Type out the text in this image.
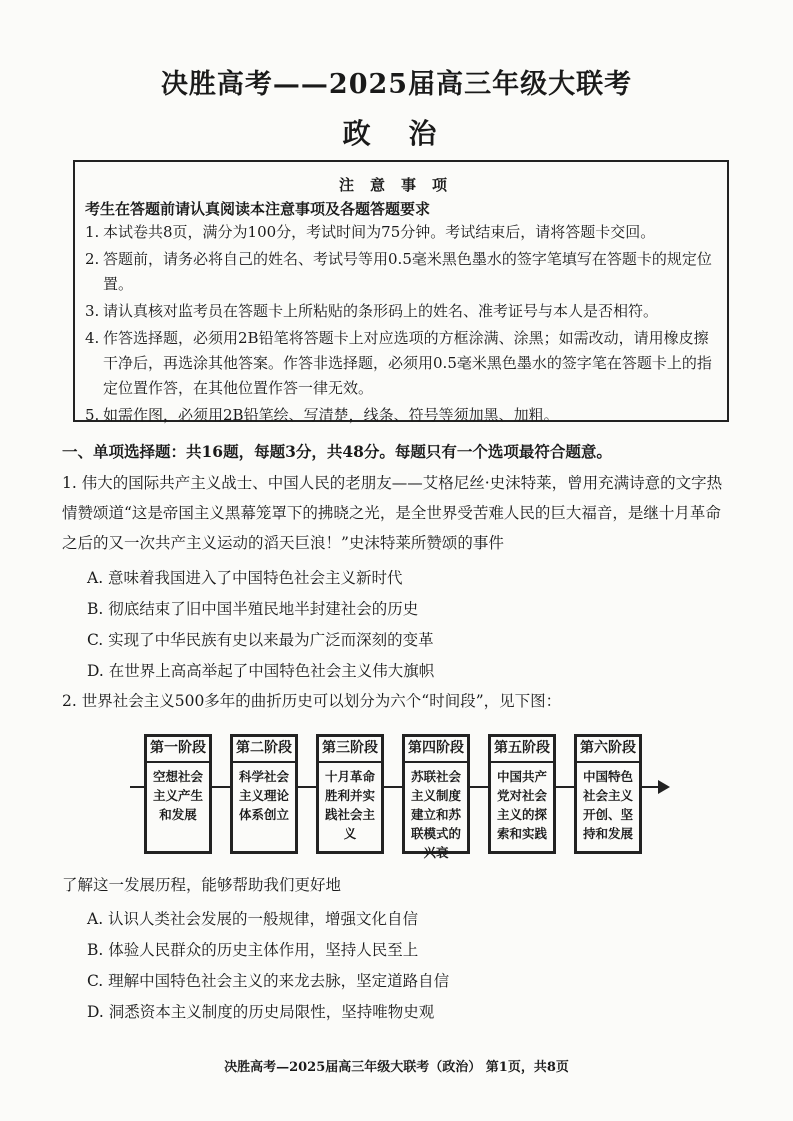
决胜高考——2025届高三年级大联考
政 治
注意事项
考生在答题前请认真阅读本注意事项及各题答题要求
1. 本试卷共8页，满分为100分，考试时间为75分钟。考试结束后，请将答题卡交回。
2. 答题前，请务必将自己的姓名、考试号等用0.5毫米黑色墨水的签字笔填写在答题卡的规定位置。
3. 请认真核对监考员在答题卡上所粘贴的条形码上的姓名、准考证号与本人是否相符。
4. 作答选择题，必须用2B铅笔将答题卡上对应选项的方框涂满、涂黑；如需改动，请用橡皮擦干净后，再选涂其他答案。作答非选择题，必须用0.5毫米黑色墨水的签字笔在答题卡上的指定位置作答，在其他位置作答一律无效。
5. 如需作图，必须用2B铅笔绘、写清楚，线条、符号等须加黑、加粗。
一、单项选择题：共16题，每题3分，共48分。每题只有一个选项最符合题意。
1. 伟大的国际共产主义战士、中国人民的老朋友——艾格尼丝·史沫特莱，曾用充满诗意的文字热情赞颂道“这是帝国主义黑幕笼罩下的拂晓之光，是全世界受苦难人民的巨大福音，是继十月革命之后的又一次共产主义运动的滔天巨浪！”史沫特莱所赞颂的事件
A. 意味着我国进入了中国特色社会主义新时代
B. 彻底结束了旧中国半殖民地半封建社会的历史
C. 实现了中华民族有史以来最为广泛而深刻的变革
D. 在世界上高高举起了中国特色社会主义伟大旗帜
2. 世界社会主义500多年的曲折历史可以划分为六个“时间段”，见下图：
第一阶段
空想社会主义产生和发展
第二阶段
科学社会主义理论体系创立
第三阶段
十月革命胜利并实践社会主义
第四阶段
苏联社会主义制度建立和苏联模式的兴衰
第五阶段
中国共产党对社会主义的探索和实践
第六阶段
中国特色社会主义开创、坚持和发展
了解这一发展历程，能够帮助我们更好地
A. 认识人类社会发展的一般规律，增强文化自信
B. 体验人民群众的历史主体作用，坚持人民至上
C. 理解中国特色社会主义的来龙去脉，坚定道路自信
D. 洞悉资本主义制度的历史局限性，坚持唯物史观
决胜高考—2025届高三年级大联考（政治） 第1页，共8页
